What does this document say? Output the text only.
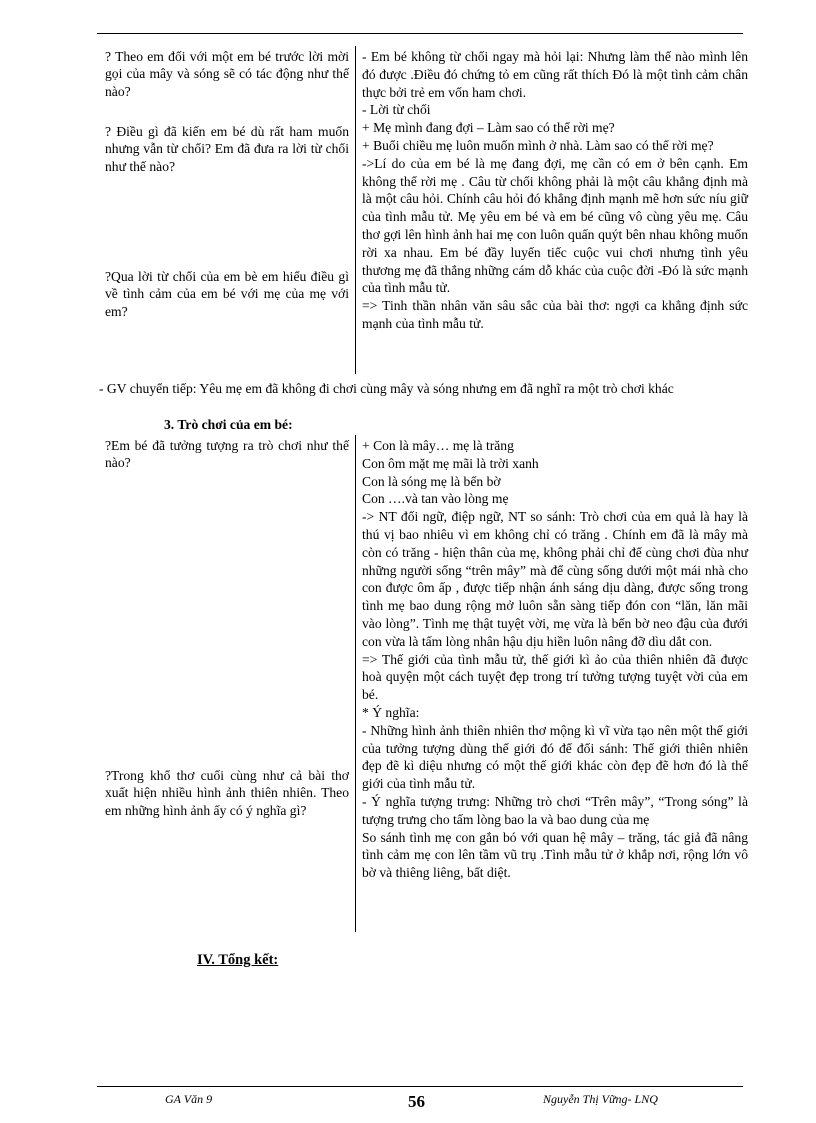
? Theo em đối với một em bé trước lời mời gọi của mây và sóng sẽ có tác động như thế nào?
? Điều gì đã kiến em bé dù rất ham muốn nhưng vẫn từ chối? Em đã đưa ra lời từ chối như thế nào?
?Qua lời từ chối của em bè em hiểu điều gì về tình cảm của em bé với mẹ của mẹ với em?

- Em bé không từ chối ngay mà hỏi lại: Nhưng làm thế nào mình lên đó được .Điều đó chứng tỏ em cũng rất thích Đó là một tình cảm chân thực bởi trẻ em vốn ham chơi.

- Lời từ chối

+ Mẹ mình đang đợi – Làm sao có thể rời mẹ?

+ Buổi chiều mẹ luôn muốn mình ở nhà. Làm sao có thể rời mẹ?

->Lí do của em bé là mẹ đang đợi, mẹ cần có em ở bên cạnh. Em không thể rời mẹ . Câu từ chối không phải là một câu khẳng định mà là một câu hỏi. Chính câu hỏi đó khẳng định mạnh mẽ hơn sức níu giữ của tình mẫu tử. Mẹ yêu em bé và em bé cũng vô cùng yêu mẹ. Câu thơ gợi lên hình ảnh hai mẹ con luôn quấn quýt bên nhau không muốn rời xa nhau. Em bé đầy luyến tiếc cuộc vui chơi nhưng tình yêu thương mẹ đã thắng những cám dỗ khác của cuộc đời -Đó là sức mạnh của tình mẫu tử.

=> Tinh thần nhân văn sâu sắc của bài thơ: ngợi ca khẳng định sức mạnh của tình mẫu tử.

- GV chuyển tiếp: Yêu mẹ em đã không đi chơi cùng mây và sóng nhưng em đã nghĩ ra một trò chơi khác
3. Trò chơi của em bé:
?Em bé đã tưởng tượng ra trò chơi như thế nào?
?Trong khổ thơ cuối cùng như cả bài thơ xuất hiện nhiều hình ảnh thiên nhiên. Theo em những hình ảnh ấy có ý nghĩa gì?

+ Con là mây… mẹ là trăng

Con ôm mặt mẹ mãi là trời xanh

Con là sóng mẹ là bến bờ

Con ….và tan vào lòng mẹ

-> NT đối ngữ, điệp ngữ, NT so sánh: Trò chơi của em quả là hay là thú vị bao nhiêu vì em không chỉ có trăng . Chính em đã là mây mà còn có trăng - hiện thân của mẹ, không phải chỉ để cùng chơi đùa như những người sống “trên mây” mà để cùng sống dưới một mái nhà cho con được ôm ấp , được tiếp nhận ánh sáng dịu dàng, được sống trong tình mẹ bao dung rộng mở luôn sẵn sàng tiếp đón con “lăn, lăn mãi vào lòng”. Tình mẹ thật tuyệt vời, mẹ vừa là bến bờ neo đậu của đưới con vừa là tấm lòng nhân hậu dịu hiền luôn nâng đỡ dìu dắt con.

=> Thế giới của tình mẫu tử, thế giới kì ảo của thiên nhiên đã được hoà quyện một cách tuyệt đẹp trong trí tưởng tượng tuyệt vời của em bé.

* Ý nghĩa:

- Những hình ảnh thiên nhiên thơ mộng kì vĩ vừa tạo nên một thế giới của tưởng tượng dùng thế giới đó để đối sánh: Thế giới thiên nhiên đẹp đẽ kì diệu nhưng có một thế giới khác còn đẹp đẽ hơn đó là thế giới của tình mẫu tử.

- Ý nghĩa tượng trưng: Những trò chơi “Trên mây”, “Trong sóng” là tượng trưng cho tấm lòng bao la và bao dung của mẹ

So sánh tình mẹ con gắn bó với quan hệ mây – trăng, tác giả đã nâng tình cảm mẹ con lên tầm vũ trụ .Tình mẫu tử ở khắp nơi, rộng lớn vô bờ và thiêng liêng, bất diệt.

IV. Tổng kết:
GA Văn 9	56	Nguyễn Thị Vững- LNQ
